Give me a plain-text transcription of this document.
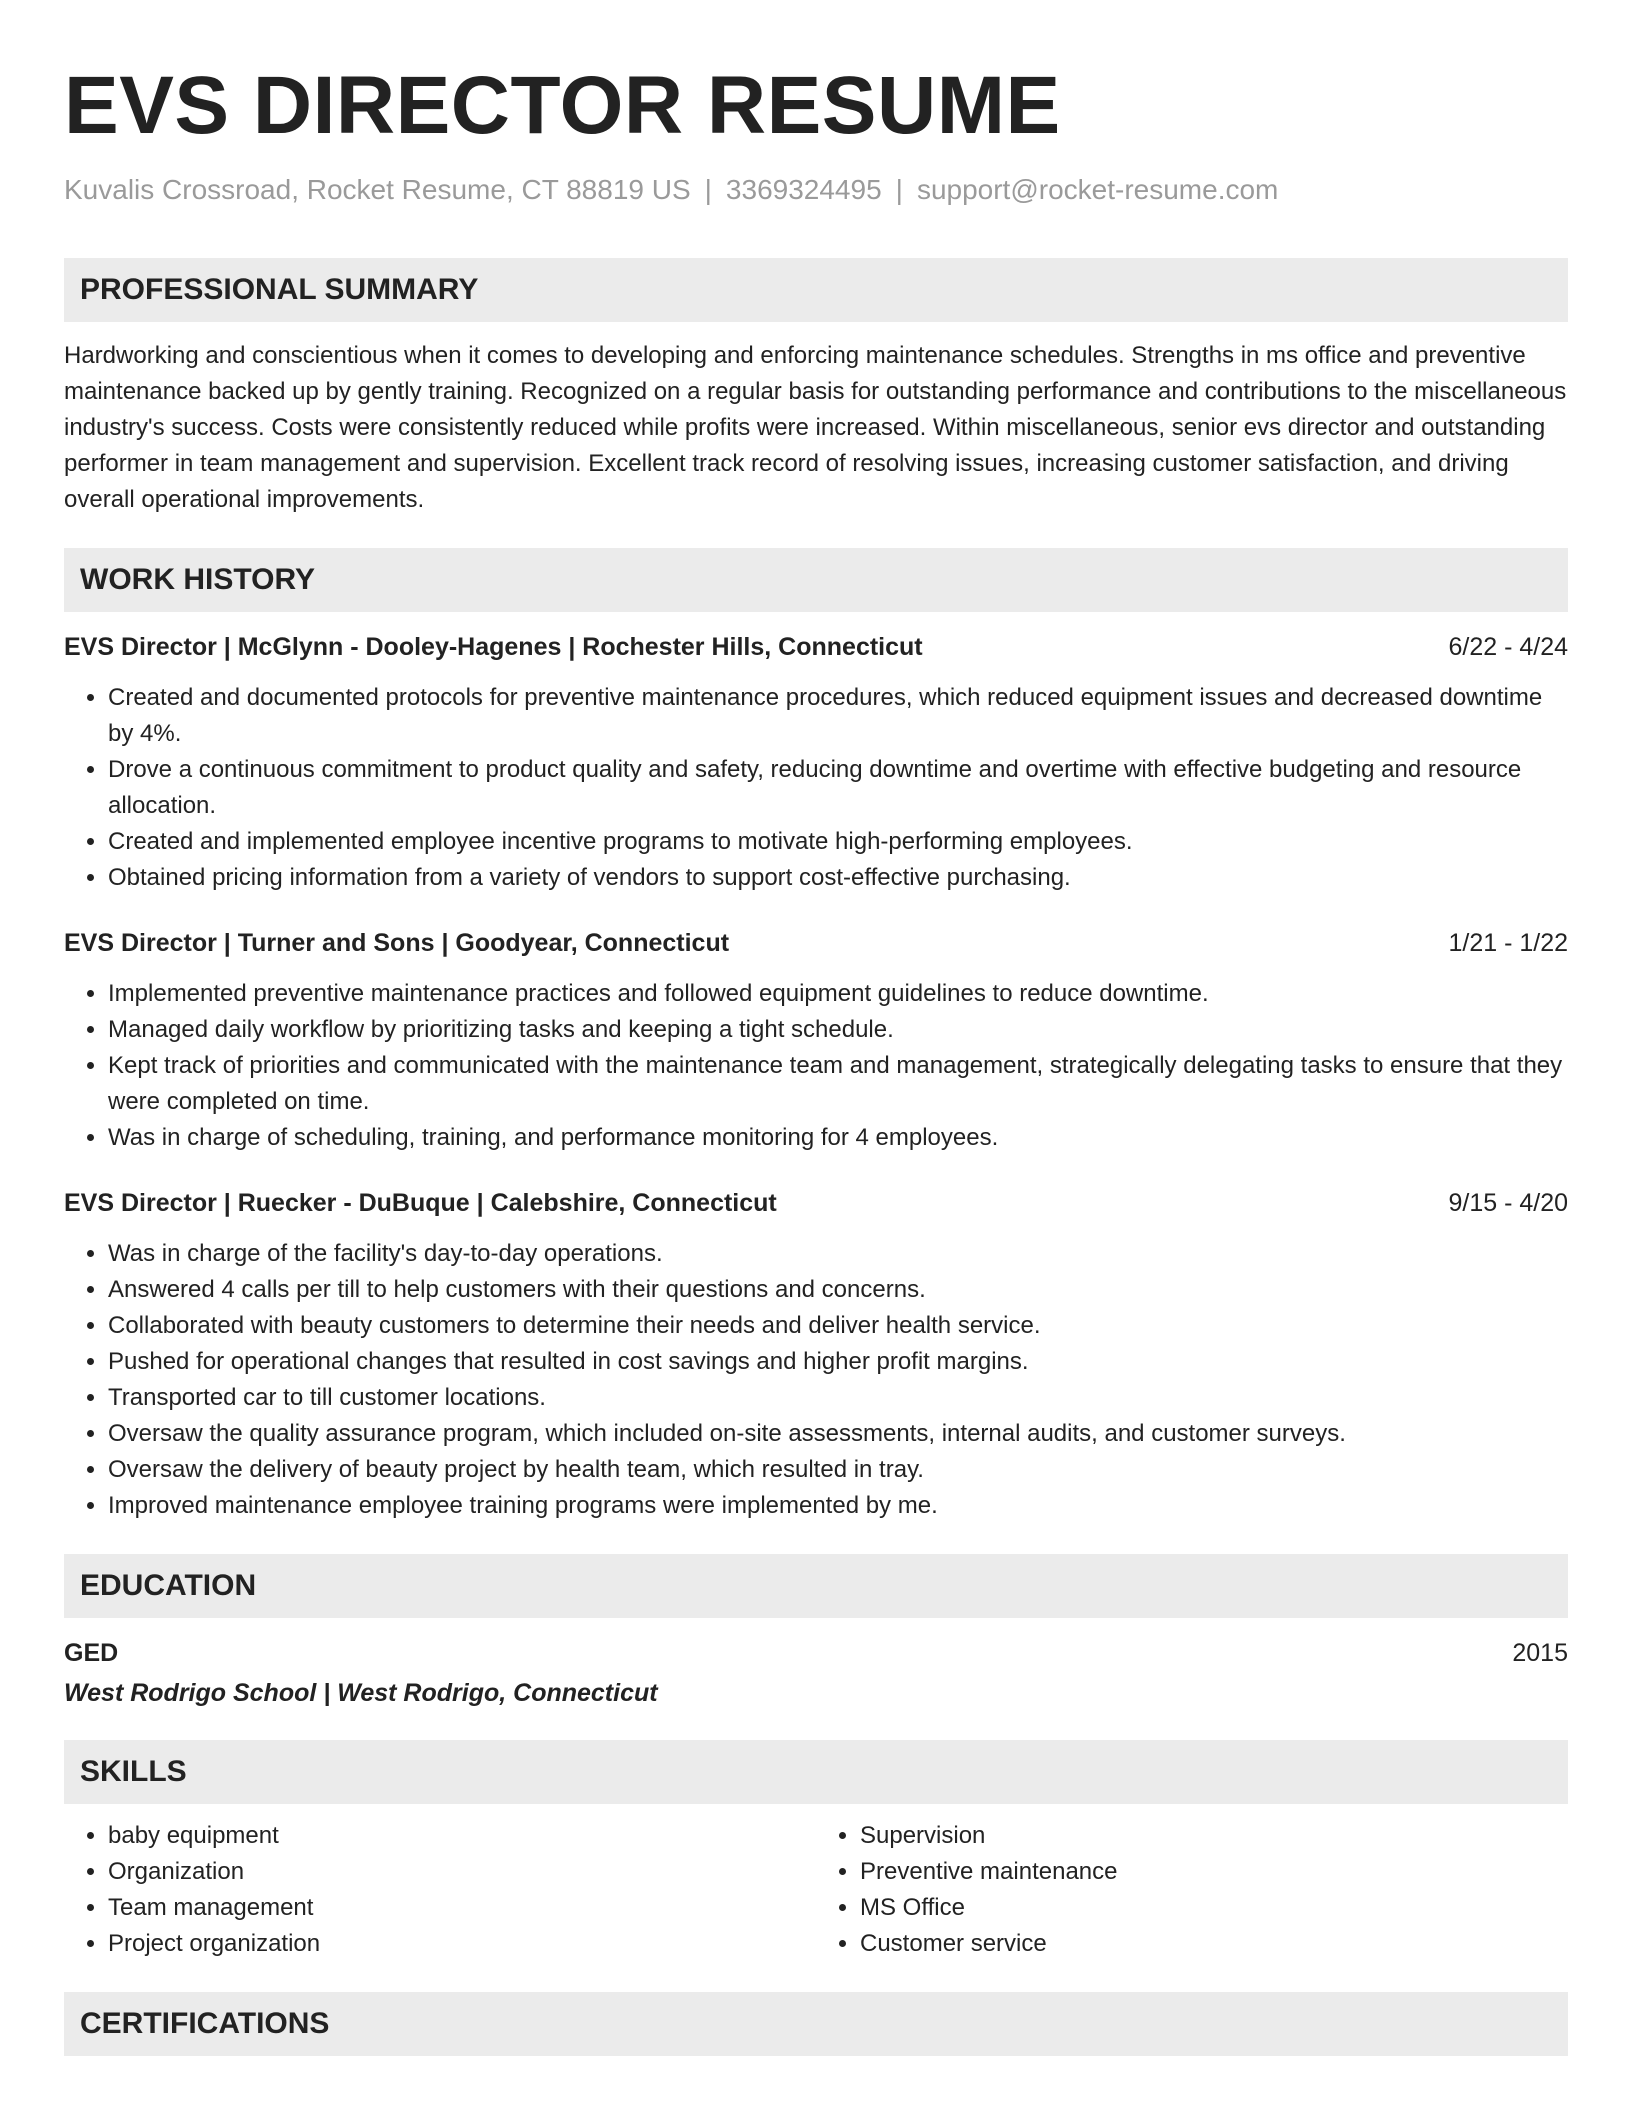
EVS DIRECTOR RESUME
Kuvalis Crossroad, Rocket Resume, CT 88819 US | 3369324495 | support@rocket-resume.com
PROFESSIONAL SUMMARY
Hardworking and conscientious when it comes to developing and enforcing maintenance schedules. Strengths in ms office and preventive maintenance backed up by gently training. Recognized on a regular basis for outstanding performance and contributions to the miscellaneous industry's success. Costs were consistently reduced while profits were increased. Within miscellaneous, senior evs director and outstanding performer in team management and supervision. Excellent track record of resolving issues, increasing customer satisfaction, and driving overall operational improvements.
WORK HISTORY
EVS Director | McGlynn - Dooley-Hagenes | Rochester Hills, Connecticut	6/22 - 4/24
• Created and documented protocols for preventive maintenance procedures, which reduced equipment issues and decreased downtime by 4%.
• Drove a continuous commitment to product quality and safety, reducing downtime and overtime with effective budgeting and resource allocation.
• Created and implemented employee incentive programs to motivate high-performing employees.
• Obtained pricing information from a variety of vendors to support cost-effective purchasing.
EVS Director | Turner and Sons | Goodyear, Connecticut	1/21 - 1/22
• Implemented preventive maintenance practices and followed equipment guidelines to reduce downtime.
• Managed daily workflow by prioritizing tasks and keeping a tight schedule.
• Kept track of priorities and communicated with the maintenance team and management, strategically delegating tasks to ensure that they were completed on time.
• Was in charge of scheduling, training, and performance monitoring for 4 employees.
EVS Director | Ruecker - DuBuque | Calebshire, Connecticut	9/15 - 4/20
• Was in charge of the facility's day-to-day operations.
• Answered 4 calls per till to help customers with their questions and concerns.
• Collaborated with beauty customers to determine their needs and deliver health service.
• Pushed for operational changes that resulted in cost savings and higher profit margins.
• Transported car to till customer locations.
• Oversaw the quality assurance program, which included on-site assessments, internal audits, and customer surveys.
• Oversaw the delivery of beauty project by health team, which resulted in tray.
• Improved maintenance employee training programs were implemented by me.
EDUCATION
GED	2015
West Rodrigo School | West Rodrigo, Connecticut
SKILLS
• baby equipment
• Organization
• Team management
• Project organization
• Supervision
• Preventive maintenance
• MS Office
• Customer service
CERTIFICATIONS
